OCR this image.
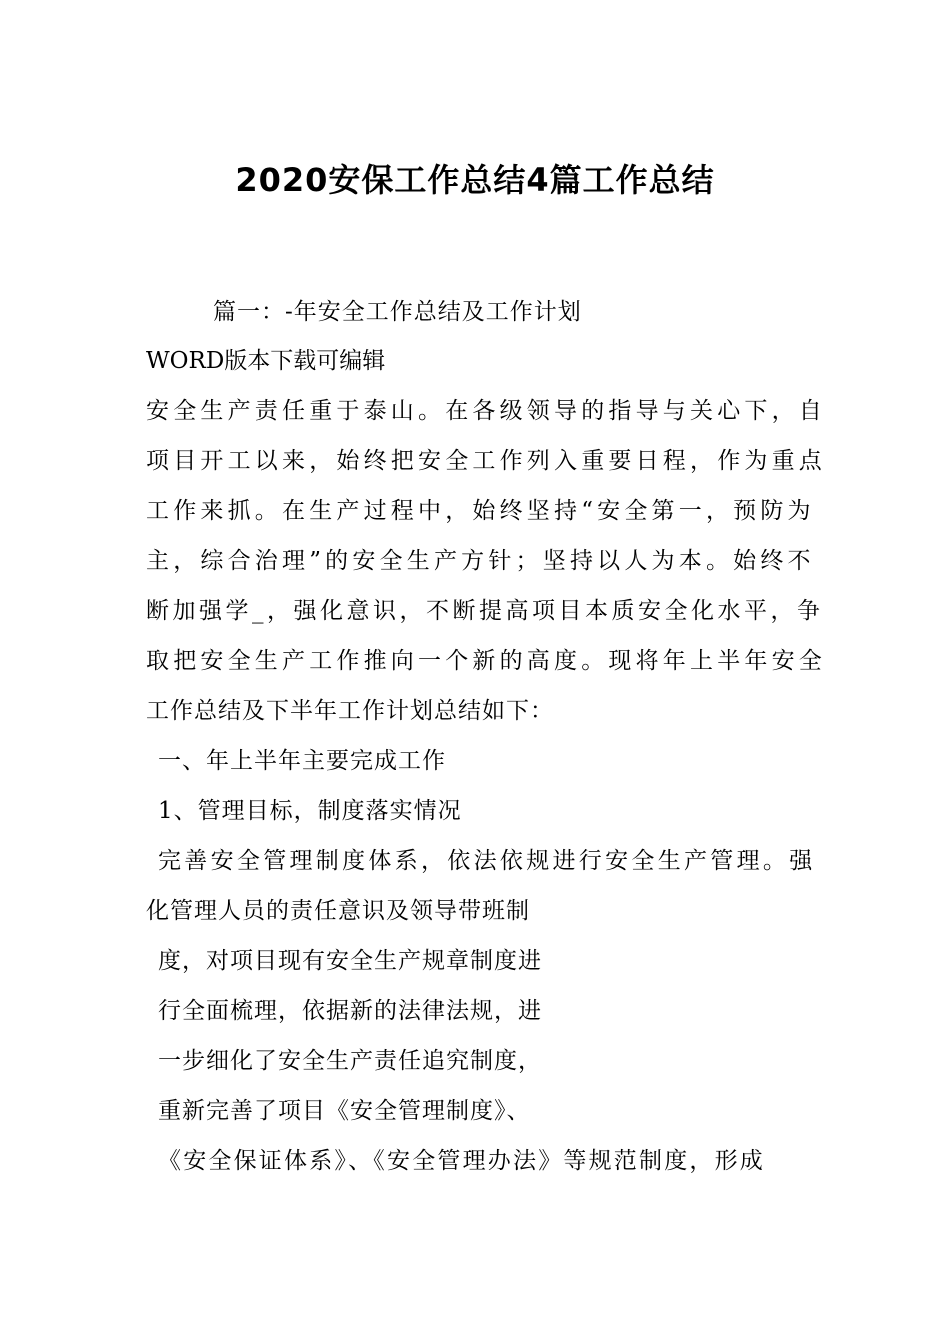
2020安保工作总结4篇工作总结
篇一：-年安全工作总结及工作计划
WORD版本下载可编辑
安全生产责任重于泰山。在各级领导的指导与关心下，自
项目开工以来，始终把安全工作列入重要日程，作为重点
工作来抓。在生产过程中，始终坚持“安全第一，预防为
主，综合治理”的安全生产方针；坚持以人为本。始终不
断加强学_，强化意识，不断提高项目本质安全化水平，争
取把安全生产工作推向一个新的高度。现将年上半年安全
工作总结及下半年工作计划总结如下：
一、年上半年主要完成工作
1、管理目标，制度落实情况
完善安全管理制度体系，依法依规进行安全生产管理。强
化管理人员的责任意识及领导带班制
度，对项目现有安全生产规章制度进
行全面梳理，依据新的法律法规，进
一步细化了安全生产责任追究制度，
重新完善了项目《安全管理制度》、
《安全保证体系》、《安全管理办法》等规范制度，形成
